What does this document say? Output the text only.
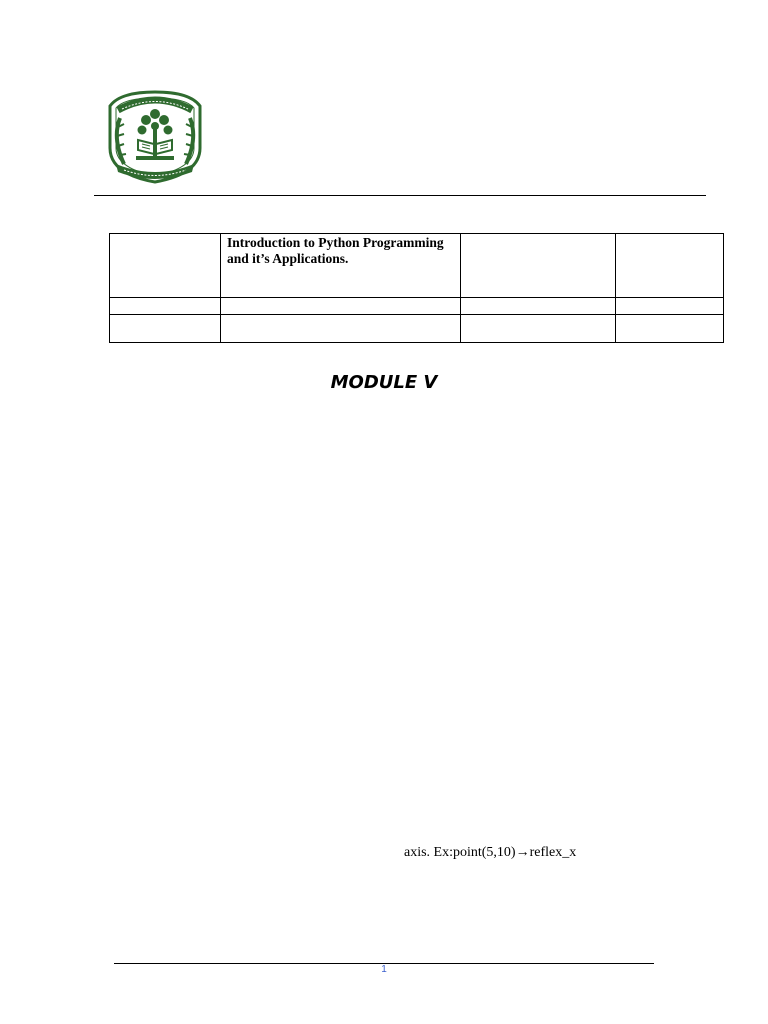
	Introduction to Python Programming and it’s Applications.		

MODULE V
axis. Ex:point(5,10)→reflex_x
1
